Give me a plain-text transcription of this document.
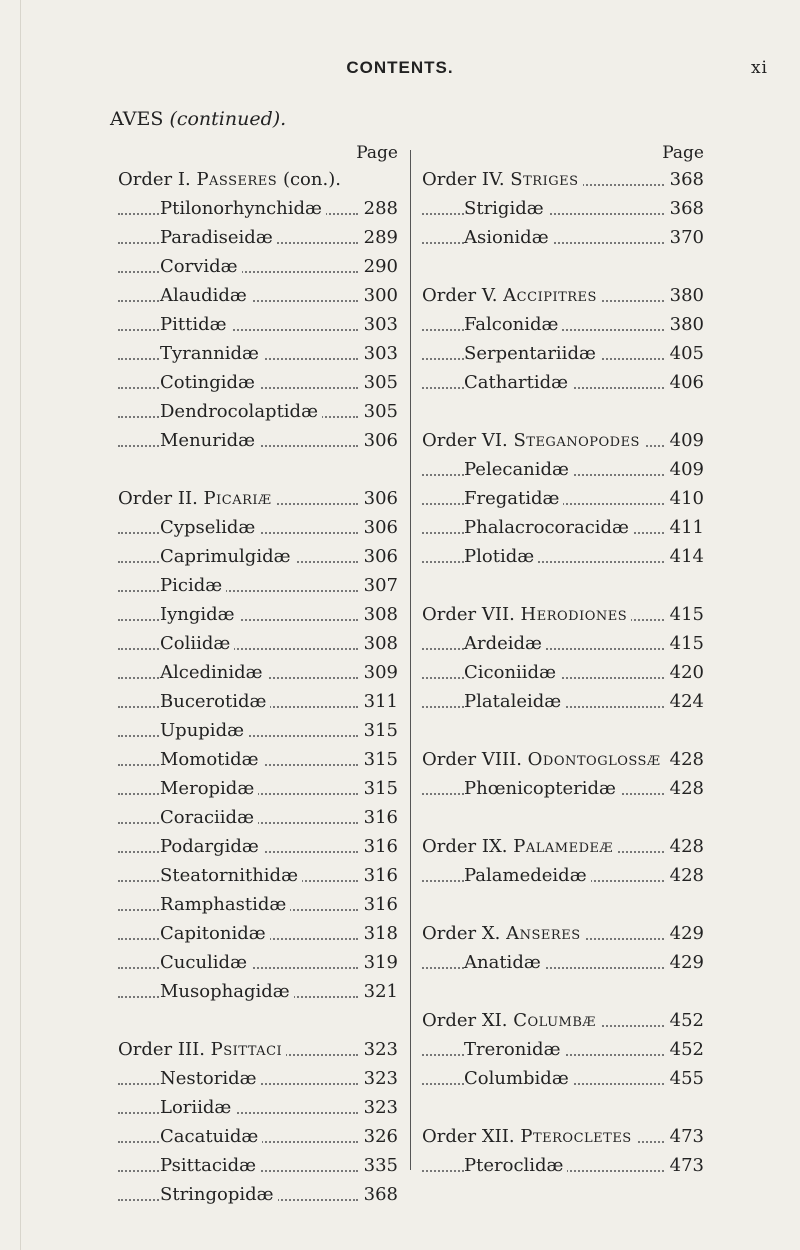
CONTENTS.	xi
AVES (continued).
Page
Order I. Passeres (con.).
Ptilonorhynchidæ 288
Paradiseidæ	289
Corvidæ	290
Alaudidæ	300
Pittidæ	303
Tyrannidæ	303
Cotingidæ	305
Dendrocolaptidæ	305
Menuridæ	306
Order II. Picariæ	306
Cypselidæ	306
Caprimulgidæ	306
Picidæ	307
Iyngidæ	308
Coliidæ	308
Alcedinidæ	309
Bucerotidæ	311
Upupidæ	315
Momotidæ	315
Meropidæ	315
Coraciidæ	316
Podargidæ	316
Steatornithidæ	316
Ramphastidæ	316
Capitonidæ	318
Cuculidæ	319
Musophagidæ	321
Order III. Psittaci	323
Nestoridæ	323
Loriidæ	323
Cacatuidæ	326
Psittacidæ	335
Stringopidæ	368
Page
Order IV. Striges	368
Strigidæ	368
Asionidæ	370
Order V. Accipitres	380
Falconidæ	380
Serpentariidæ	405
Cathartidæ	406
Order VI. Steganopodes 409
Pelecanidæ	409
Fregatidæ	410
Phalacrocoracidæ 411
Plotidæ	414
Order VII. Herodiones 415
Ardeidæ	415
Ciconiidæ	420
Plataleidæ	424
Order VIII. Odontoglossæ 428
Phœnicopteridæ	428
Order IX. Palamedeæ	428
Palamedeidæ	428
Order X. Anseres	429
Anatidæ	429
Order XI. Columbæ	452
Treronidæ	452
Columbidæ	455
Order XII. Pterocletes 473
Pteroclidæ	473
